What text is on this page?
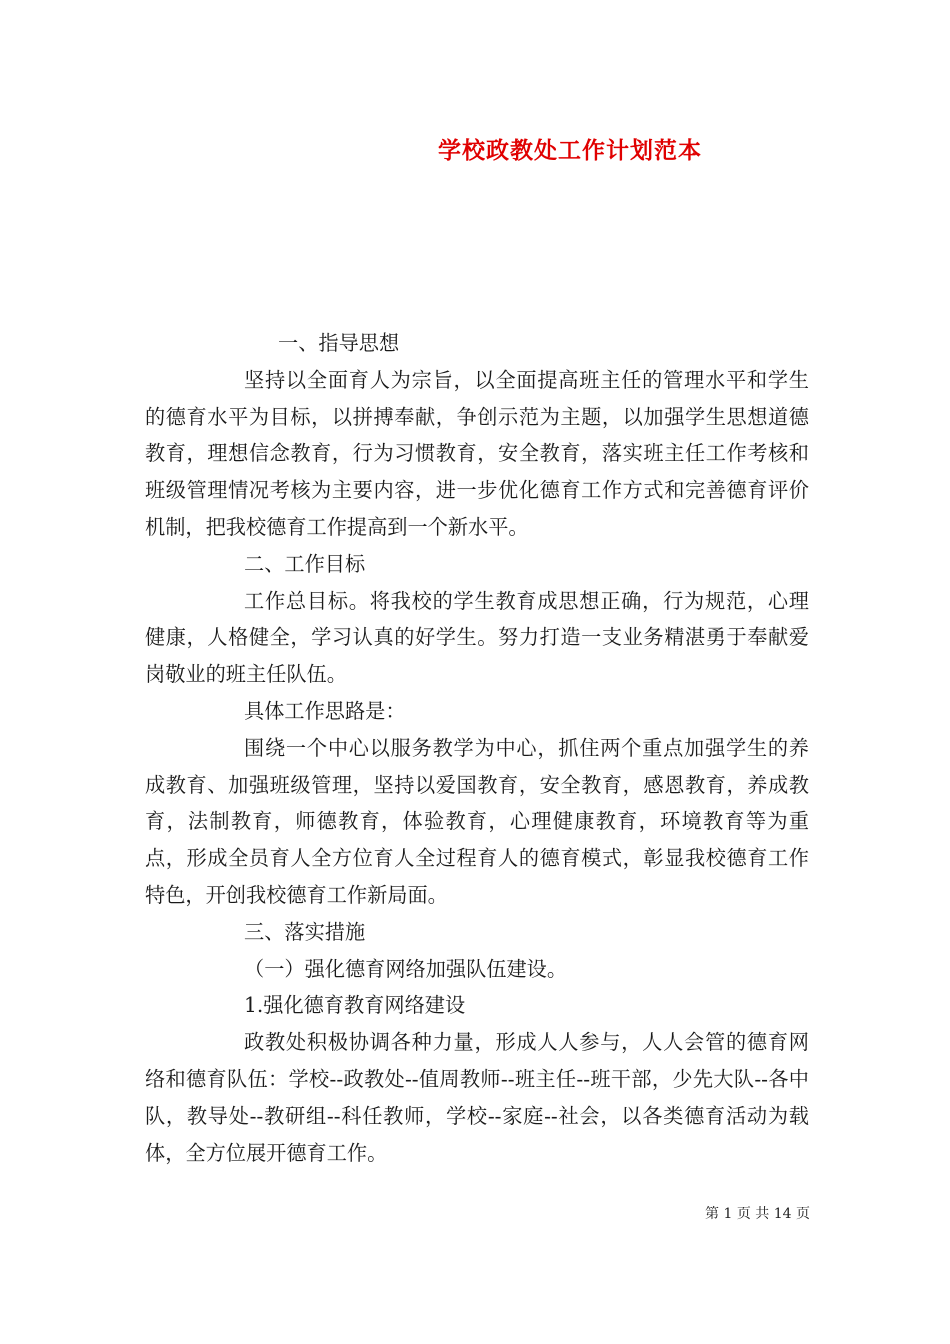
学校政教处工作计划范本

一、指导思想

坚持以全面育人为宗旨，以全面提高班主任的管理水平和学生的德育水平为目标，以拼搏奉献，争创示范为主题，以加强学生思想道德教育，理想信念教育，行为习惯教育，安全教育，落实班主任工作考核和班级管理情况考核为主要内容，进一步优化德育工作方式和完善德育评价机制，把我校德育工作提高到一个新水平。

二、工作目标

工作总目标。将我校的学生教育成思想正确，行为规范，心理健康，人格健全，学习认真的好学生。努力打造一支业务精湛勇于奉献爱岗敬业的班主任队伍。

具体工作思路是：

围绕一个中心以服务教学为中心，抓住两个重点加强学生的养成教育、加强班级管理，坚持以爱国教育，安全教育，感恩教育，养成教育，法制教育，师德教育，体验教育，心理健康教育，环境教育等为重点，形成全员育人全方位育人全过程育人的德育模式，彰显我校德育工作特色，开创我校德育工作新局面。

三、落实措施

（一）强化德育网络加强队伍建设。

1.强化德育教育网络建设

政教处积极协调各种力量，形成人人参与，人人会管的德育网络和德育队伍：学校--政教处--值周教师--班主任--班干部，少先大队--各中队，教导处--教研组--科任教师，学校--家庭--社会，以各类德育活动为载体，全方位展开德育工作。

第 1 页 共 14 页
